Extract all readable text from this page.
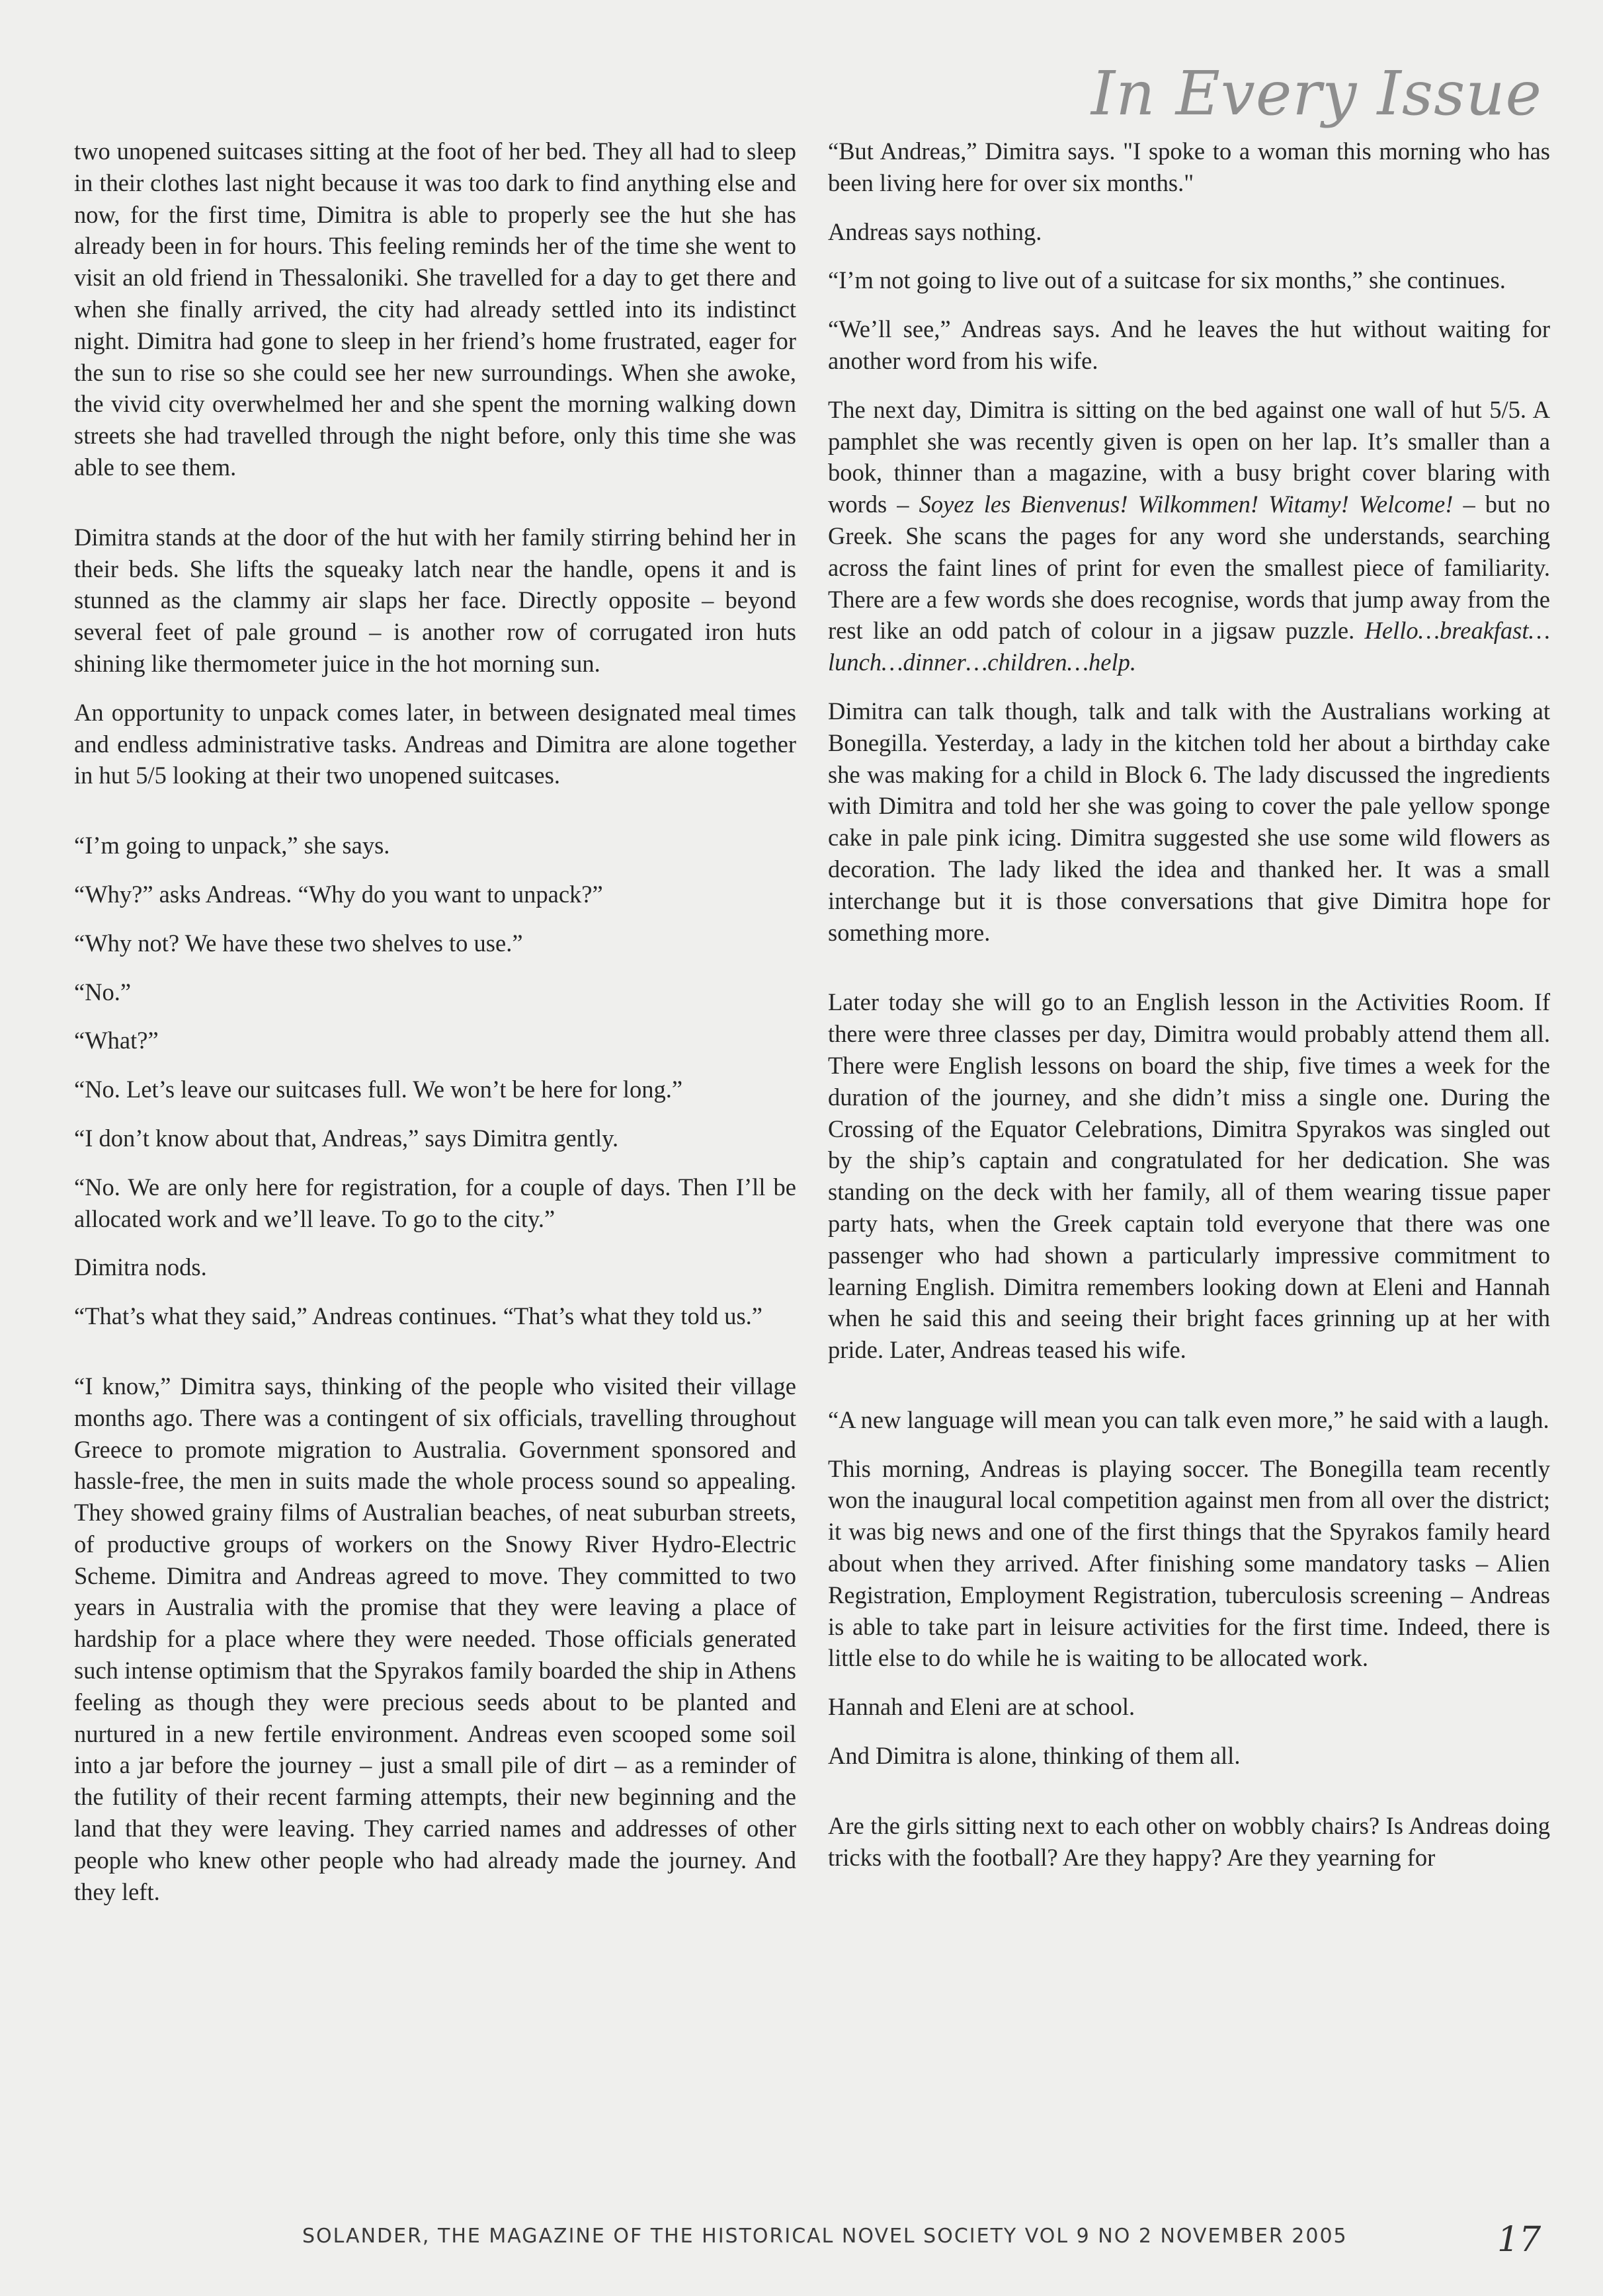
In Every Issue

two unopened suitcases sitting at the foot of her bed. They all had to sleep in their clothes last night because it was too dark to find anything else and now, for the first time, Dimitra is able to properly see the hut she has already been in for hours. This feeling reminds her of the time she went to visit an old friend in Thessaloniki. She travelled for a day to get there and when she finally arrived, the city had already settled into its indistinct night. Dimitra had gone to sleep in her friend’s home frustrated, eager for the sun to rise so she could see her new surroundings. When she awoke, the vivid city overwhelmed her and she spent the morning walking down streets she had travelled through the night before, only this time she was able to see them.

Dimitra stands at the door of the hut with her family stirring behind her in their beds. She lifts the squeaky latch near the handle, opens it and is stunned as the clammy air slaps her face. Directly opposite – beyond several feet of pale ground – is another row of corrugated iron huts shining like thermometer juice in the hot morning sun.

An opportunity to unpack comes later, in between designated meal times and endless administrative tasks. Andreas and Dimitra are alone together in hut 5/5 looking at their two unopened suitcases.

“I’m going to unpack,” she says.

“Why?” asks Andreas. “Why do you want to unpack?”

“Why not? We have these two shelves to use.”

“No.”

“What?”

“No. Let’s leave our suitcases full. We won’t be here for long.”

“I don’t know about that, Andreas,” says Dimitra gently.

“No. We are only here for registration, for a couple of days. Then I’ll be allocated work and we’ll leave. To go to the city.”

Dimitra nods.

“That’s what they said,” Andreas continues. “That’s what they told us.”

“I know,” Dimitra says, thinking of the people who visited their village months ago. There was a contingent of six officials, travelling throughout Greece to promote migration to Australia. Government sponsored and hassle-free, the men in suits made the whole process sound so appealing. They showed grainy films of Australian beaches, of neat suburban streets, of productive groups of workers on the Snowy River Hydro-Electric Scheme. Dimitra and Andreas agreed to move. They committed to two years in Australia with the promise that they were leaving a place of hardship for a place where they were needed. Those officials generated such intense optimism that the Spyrakos family boarded the ship in Athens feeling as though they were precious seeds about to be planted and nurtured in a new fertile environment. Andreas even scooped some soil into a jar before the journey – just a small pile of dirt – as a reminder of the futility of their recent farming attempts, their new beginning and the land that they were leaving. They carried names and addresses of other people who knew other people who had already made the journey. And they left.

“But Andreas,” Dimitra says. "I spoke to a woman this morning who has been living here for over six months."

Andreas says nothing.

“I’m not going to live out of a suitcase for six months,” she continues.

“We’ll see,” Andreas says. And he leaves the hut without waiting for another word from his wife.

The next day, Dimitra is sitting on the bed against one wall of hut 5/5. A pamphlet she was recently given is open on her lap. It’s smaller than a book, thinner than a magazine, with a busy bright cover blaring with words – Soyez les Bienvenus! Wilkommen! Witamy! Welcome! – but no Greek. She scans the pages for any word she understands, searching across the faint lines of print for even the smallest piece of familiarity. There are a few words she does recognise, words that jump away from the rest like an odd patch of colour in a jigsaw puzzle. Hello…breakfast…lunch…dinner…children…help.

Dimitra can talk though, talk and talk with the Australians working at Bonegilla. Yesterday, a lady in the kitchen told her about a birthday cake she was making for a child in Block 6. The lady discussed the ingredients with Dimitra and told her she was going to cover the pale yellow sponge cake in pale pink icing. Dimitra suggested she use some wild flowers as decoration. The lady liked the idea and thanked her. It was a small interchange but it is those conversations that give Dimitra hope for something more.

Later today she will go to an English lesson in the Activities Room. If there were three classes per day, Dimitra would probably attend them all. There were English lessons on board the ship, five times a week for the duration of the journey, and she didn’t miss a single one. During the Crossing of the Equator Celebrations, Dimitra Spyrakos was singled out by the ship’s captain and congratulated for her dedication. She was standing on the deck with her family, all of them wearing tissue paper party hats, when the Greek captain told everyone that there was one passenger who had shown a particularly impressive commitment to learning English. Dimitra remembers looking down at Eleni and Hannah when he said this and seeing their bright faces grinning up at her with pride. Later, Andreas teased his wife.

“A new language will mean you can talk even more,” he said with a laugh.

This morning, Andreas is playing soccer. The Bonegilla team recently won the inaugural local competition against men from all over the district; it was big news and one of the first things that the Spyrakos family heard about when they arrived. After finishing some mandatory tasks – Alien Registration, Employment Registration, tuberculosis screening – Andreas is able to take part in leisure activities for the first time. Indeed, there is little else to do while he is waiting to be allocated work.

Hannah and Eleni are at school.

And Dimitra is alone, thinking of them all.

Are the girls sitting next to each other on wobbly chairs? Is Andreas doing tricks with the football? Are they happy? Are they yearning for

SOLANDER, THE MAGAZINE OF THE HISTORICAL NOVEL SOCIETY VOL 9 NO 2 NOVEMBER 2005	17
